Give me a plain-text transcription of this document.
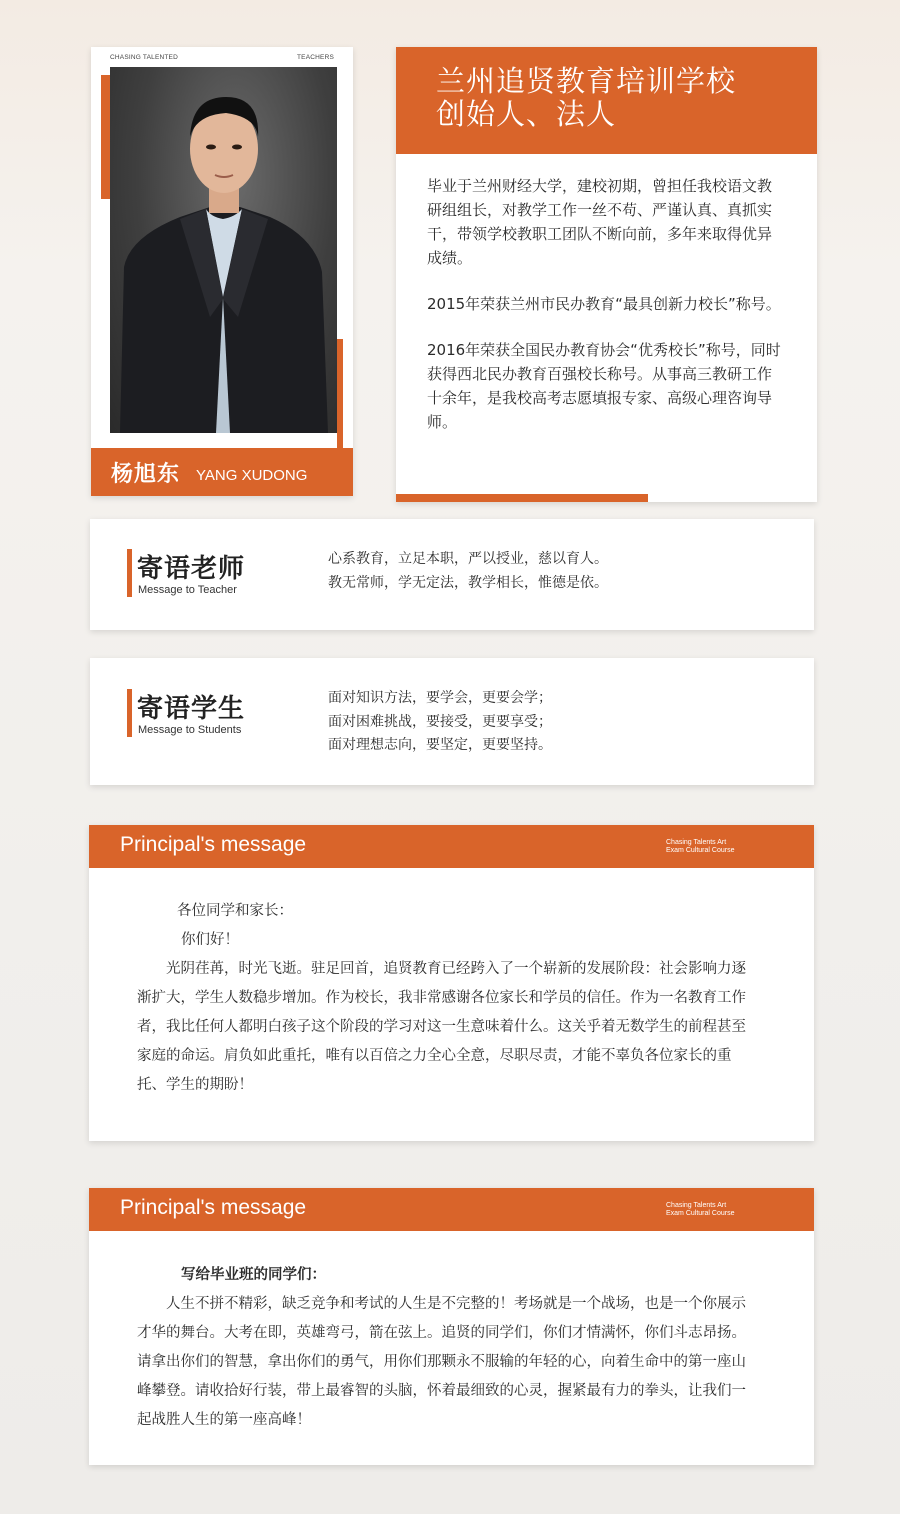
CHASING TALENTED	TEACHERS
杨旭东 YANG XUDONG
兰州追贤教育培训学校
创始人、法人

毕业于兰州财经大学，建校初期，曾担任我校语文教研组组长，对教学工作一丝不苟、严谨认真、真抓实干，带领学校教职工团队不断向前，多年来取得优异成绩。

2015年荣获兰州市民办教育“最具创新力校长”称号。

2016年荣获全国民办教育协会“优秀校长”称号，同时获得西北民办教育百强校长称号。从事高三教研工作十余年，是我校高考志愿填报专家、高级心理咨询导师。

寄语老师
Message to Teacher
心系教育，立足本职，严以授业，慈以育人。
教无常师，学无定法，教学相长，惟德是依。
寄语学生
Message to Students
面对知识方法，要学会，更要会学；
面对困难挑战，要接受，更要享受；
面对理想志向，要坚定，更要坚持。
Principal's message	Chasing Talents Art
Exam Cultural Course
各位同学和家长：
你们好！
光阴荏苒，时光飞逝。驻足回首，追贤教育已经跨入了一个崭新的发展阶段：社会影响力逐渐扩大，学生人数稳步增加。作为校长，我非常感谢各位家长和学员的信任。作为一名教育工作者，我比任何人都明白孩子这个阶段的学习对这一生意味着什么。这关乎着无数学生的前程甚至家庭的命运。肩负如此重托，唯有以百倍之力全心全意，尽职尽责，才能不辜负各位家长的重托、学生的期盼！
Principal's message	Chasing Talents Art
Exam Cultural Course
写给毕业班的同学们：
人生不拼不精彩，缺乏竞争和考试的人生是不完整的！考场就是一个战场，也是一个你展示才华的舞台。大考在即，英雄弯弓，箭在弦上。追贤的同学们，你们才情满怀，你们斗志昂扬。请拿出你们的智慧，拿出你们的勇气，用你们那颗永不服输的年轻的心，向着生命中的第一座山峰攀登。请收拾好行装，带上最睿智的头脑，怀着最细致的心灵，握紧最有力的拳头，让我们一起战胜人生的第一座高峰！
